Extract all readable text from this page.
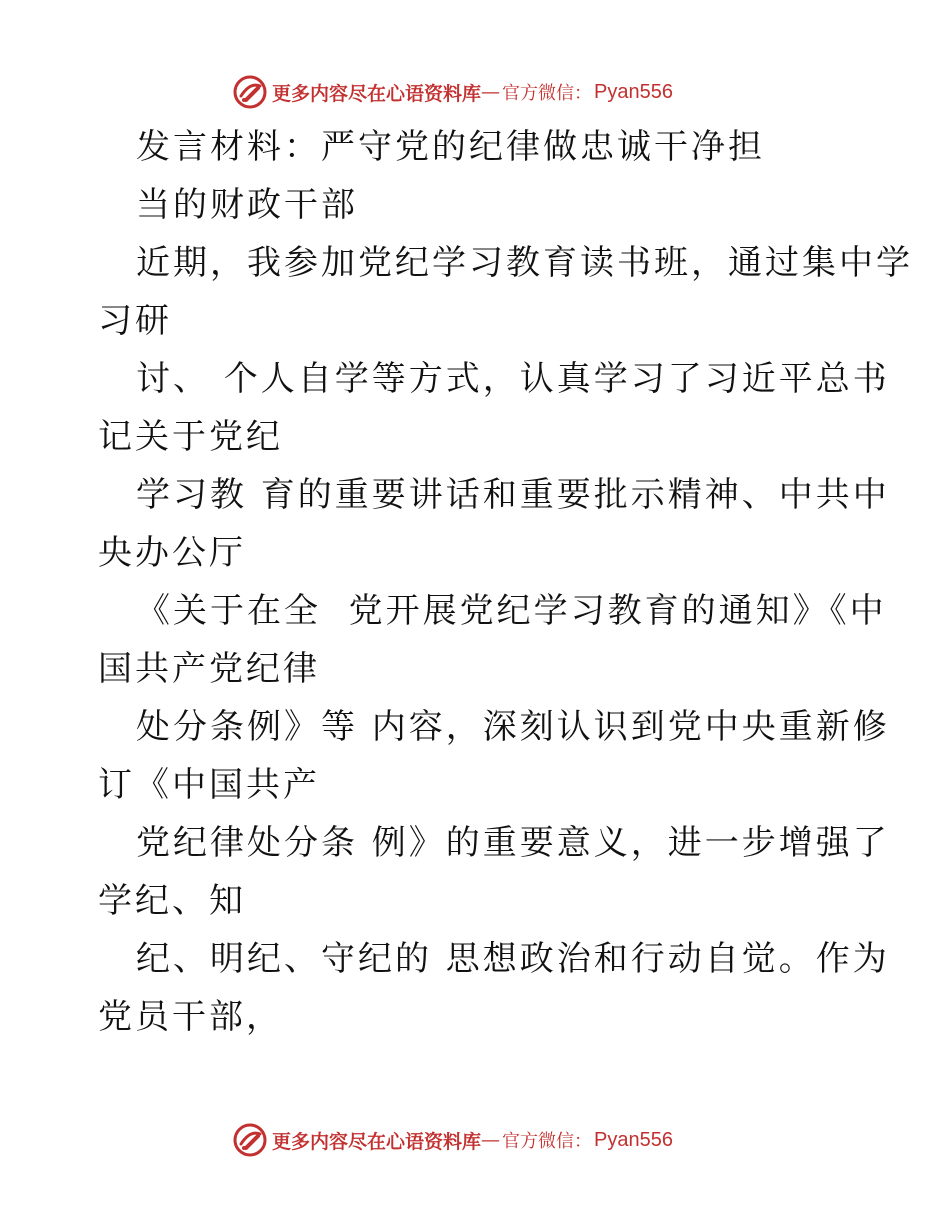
更多内容尽在心语资料库 — 官方微信： Pyan556
发言材料：严守党的纪律做忠诚干净担
当的财政干部
近期，我参加党纪学习教育读书班，通过集中学
习研
讨、 个人自学等方式，认真学习了习近平总书
记关于党纪
学习教 育的重要讲话和重要批示精神、中共中
央办公厅
《关于在全  党开展党纪学习教育的通知》《中
国共产党纪律
处分条例》等 内容，深刻认识到党中央重新修
订《中国共产
党纪律处分条 例》的重要意义，进一步增强了
学纪、知
纪、明纪、守纪的 思想政治和行动自觉。作为
党员干部，
更多内容尽在心语资料库 — 官方微信： Pyan556
